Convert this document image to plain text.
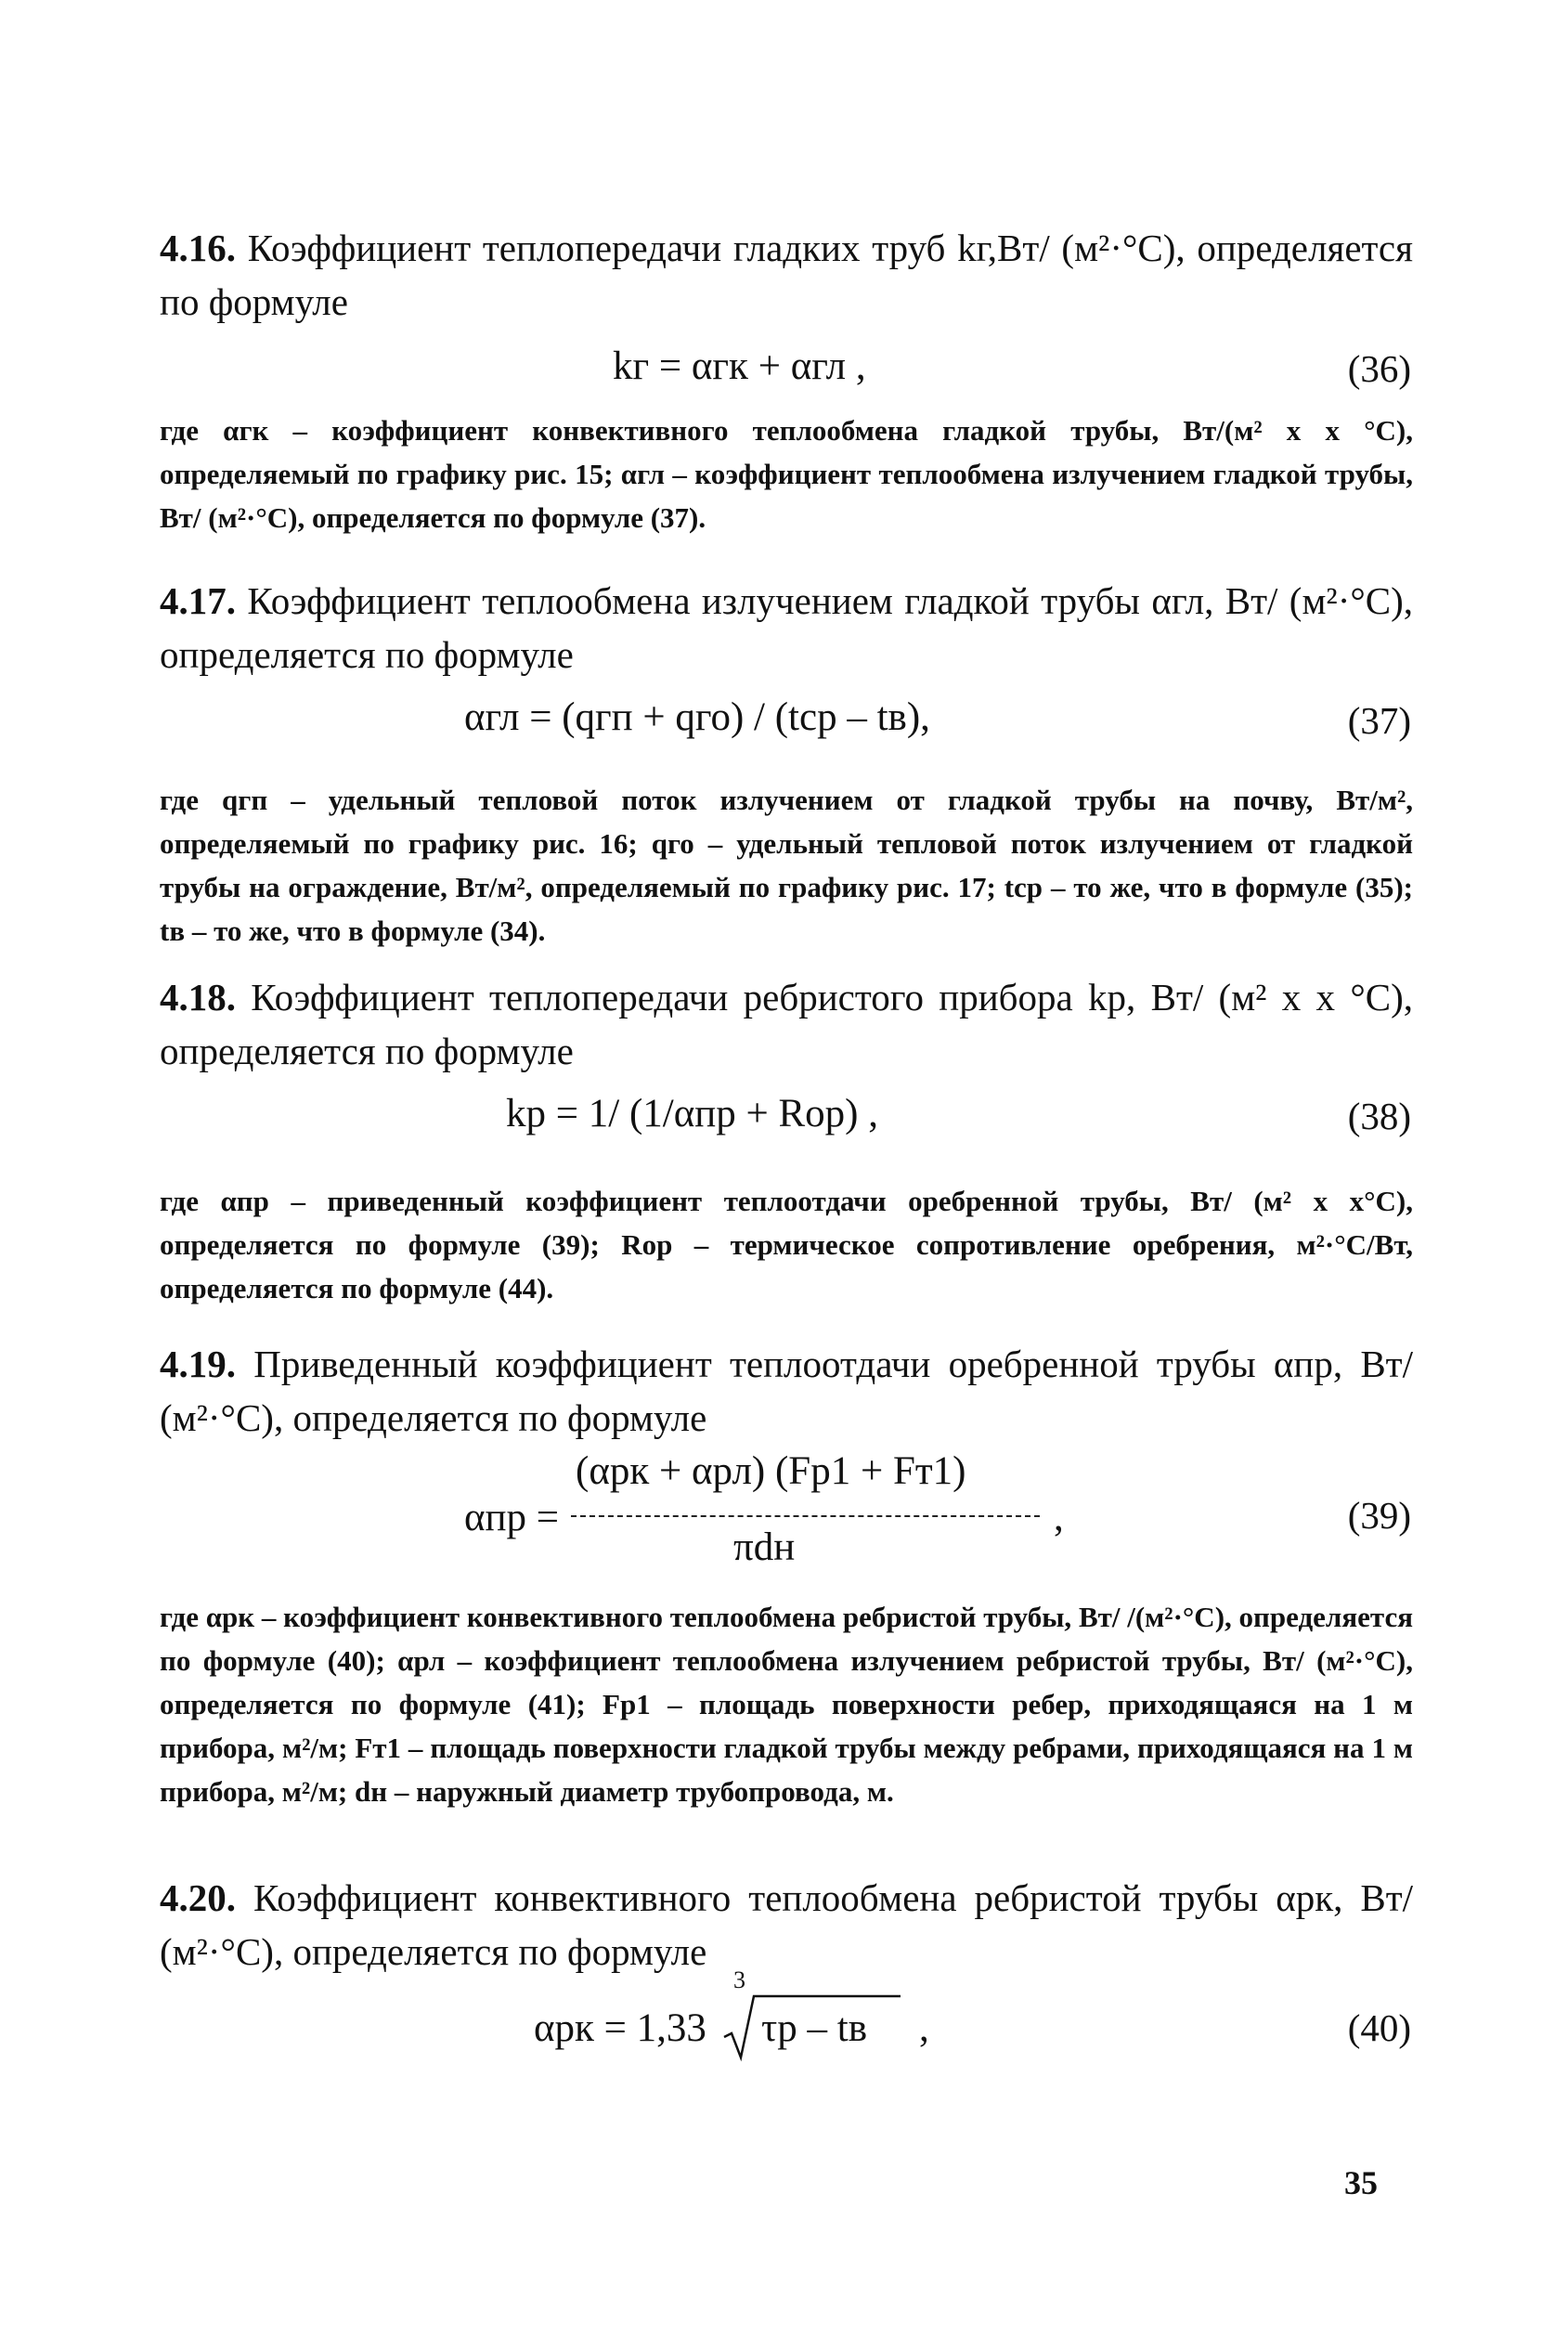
4.16. Коэффициент теплопередачи гладких труб kг,Вт/ (м²·°С), определяется по формуле
kг = αгк + αгл ,	(36)
где αгк – коэффициент конвективного теплообмена гладкой трубы, Вт/(м² х х °С), определяемый по графику рис. 15; αгл – коэффициент теплообмена излучением гладкой трубы, Вт/ (м²·°С), определяется по формуле (37).
4.17. Коэффициент теплообмена излучением гладкой трубы αгл, Вт/ (м²·°С), определяется по формуле
αгл = (qгп + qго) / (tср – tв),	(37)
где qгп – удельный тепловой поток излучением от гладкой трубы на почву, Вт/м², определяемый по графику рис. 16; qго – удельный тепловой поток излучением от гладкой трубы на ограждение, Вт/м², определяемый по графику рис. 17; tср – то же, что в формуле (35); tв – то же, что в формуле (34).
4.18. Коэффициент теплопередачи ребристого прибора kр, Вт/ (м² х х °С), определяется по формуле
kр = 1/ (1/αпр + Rор) ,	(38)
где αпр – приведенный коэффициент теплоотдачи оребренной трубы, Вт/ (м² х х°С), определяется по формуле (39); Rор – термическое сопротивление оребрения, м²·°С/Вт, определяется по формуле (44).
4.19. Приведенный коэффициент теплоотдачи оребренной трубы αпр, Вт/ (м²·°С), определяется по формуле
αпр =
(αрк + αрл) (Fр1 + Fт1)
πdн
,	(39)
где αрк – коэффициент конвективного теплообмена ребристой трубы, Вт/ /(м²·°С), определяется по формуле (40); αрл – коэффициент теплообмена излучением ребристой трубы, Вт/ (м²·°С), определяется по формуле (41); Fр1 – площадь поверхности ребер, приходящаяся на 1 м прибора, м²/м; Fт1 – площадь поверхности гладкой трубы между ребрами, приходящаяся на 1 м прибора, м²/м; dн – наружный диаметр трубопровода, м.
4.20. Коэффициент конвективного теплообмена ребристой трубы αрк, Вт/ (м²·°С), определяется по формуле
αрк = 1,33
3
τр – tв ,	(40)
35
